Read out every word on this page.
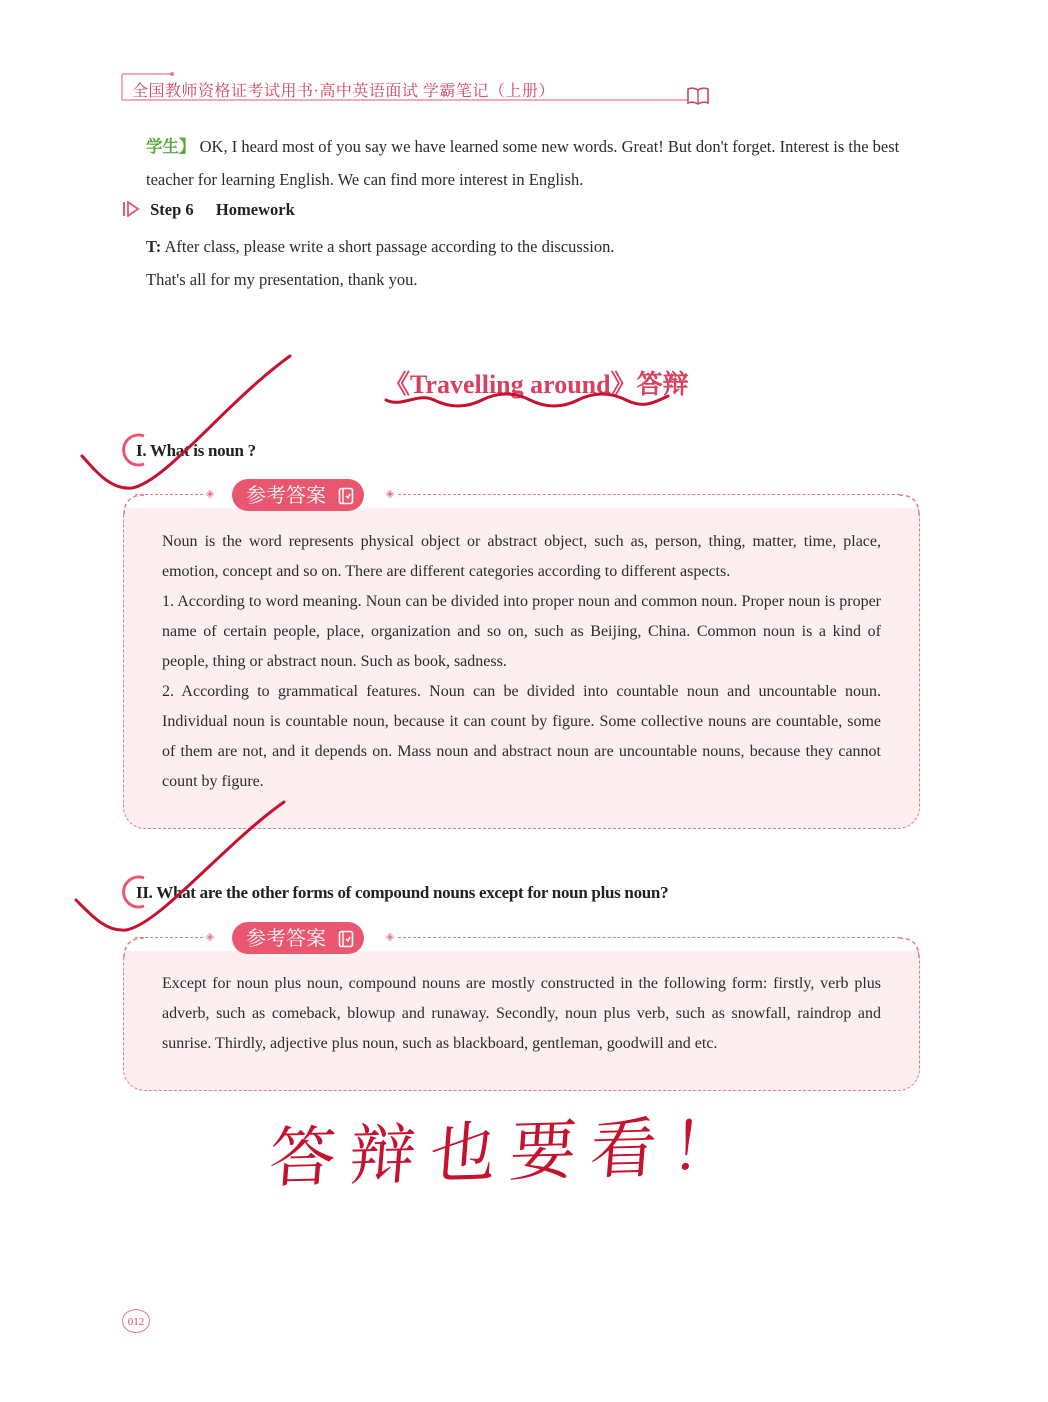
全国教师资格证考试用书·高中英语面试 学霸笔记（上册）
学生】 OK, I heard most of you say we have learned some new words. Great! But don't forget. Interest is the best teacher for learning English. We can find more interest in English.
Step 6 Homework
T: After class, please write a short passage according to the discussion.
That's all for my presentation, thank you.
《Travelling around》答辩
I. What is noun ?
◈	参考答案	◈

Noun is the word represents physical object or abstract object, such as, person, thing, matter, time, place, emotion, concept and so on. There are different categories according to different aspects.

1. According to word meaning. Noun can be divided into proper noun and common noun. Proper noun is proper name of certain people, place, organization and so on, such as Beijing, China. Common noun is a kind of people, thing or abstract noun. Such as book, sadness.

2. According to grammatical features. Noun can be divided into countable noun and uncountable noun. Individual noun is countable noun, because it can count by figure. Some collective nouns are countable, some of them are not, and it depends on. Mass noun and abstract noun are uncountable nouns, because they cannot count by figure.

II. What are the other forms of compound nouns except for noun plus noun?
◈	参考答案	◈

Except for noun plus noun, compound nouns are mostly constructed in the following form: firstly, verb plus adverb, such as comeback, blowup and runaway. Secondly, noun plus verb, such as snowfall, raindrop and sunrise. Thirdly, adjective plus noun, such as blackboard, gentleman, goodwill and etc.

答辩也要看！
012
